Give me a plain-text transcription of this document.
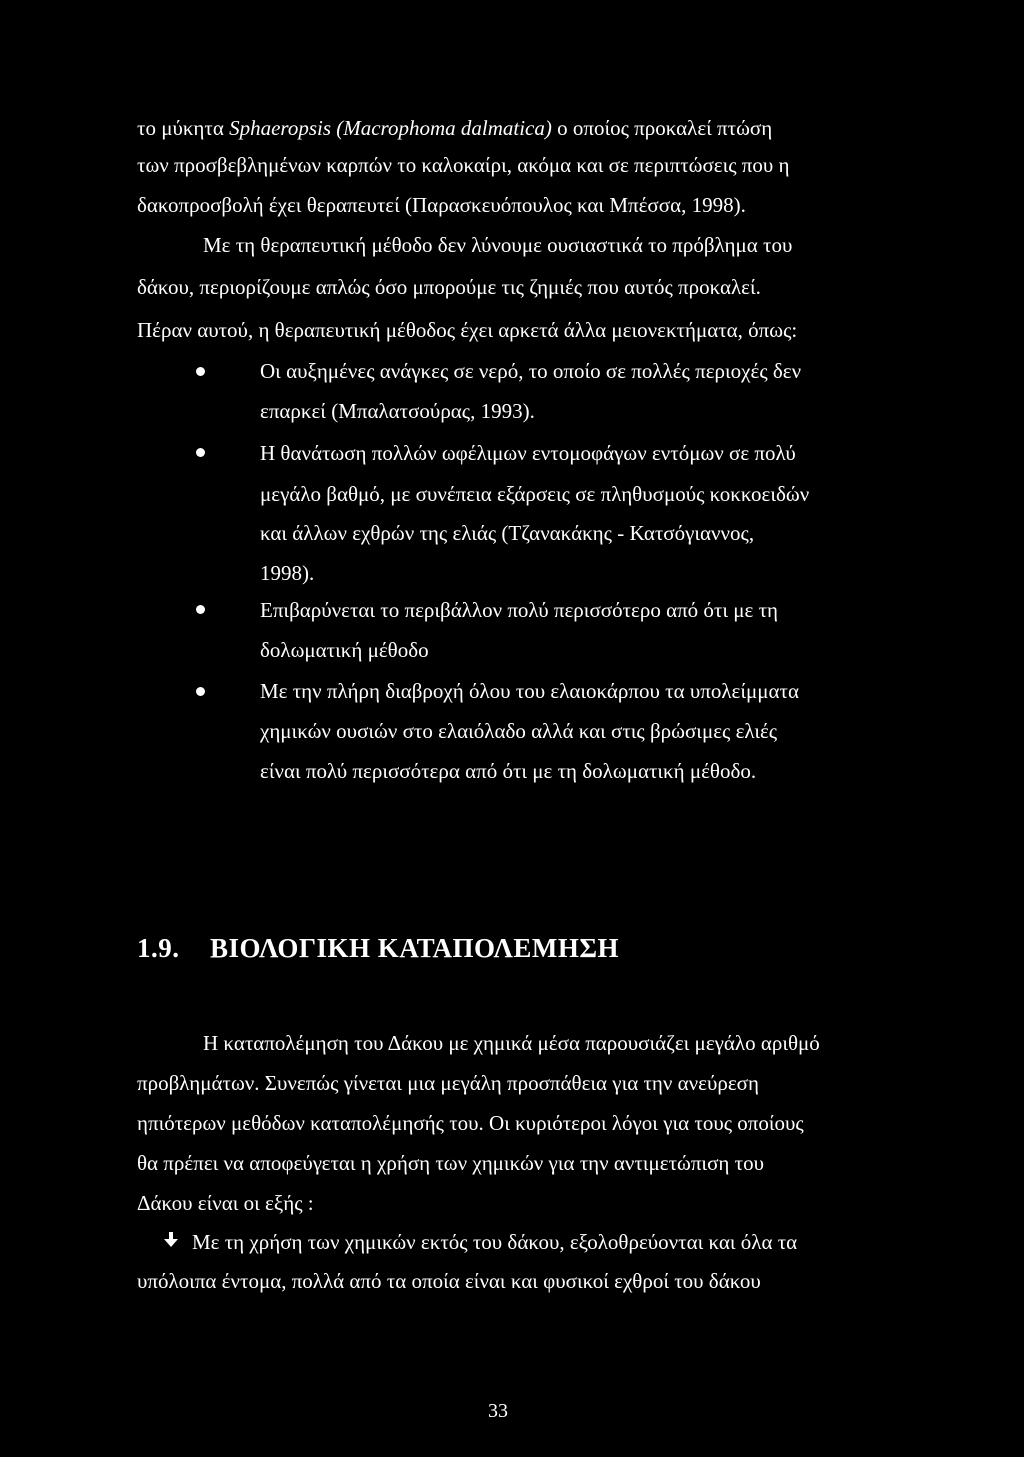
το μύκητα Sphaeropsis (Macrophoma dalmatica) ο οποίος προκαλεί πτώση
των προσβεβλημένων καρπών το καλοκαίρι, ακόμα και σε περιπτώσεις που η
δακοπροσβολή έχει θεραπευτεί (Παρασκευόπουλος και Μπέσσα, 1998).
Με τη θεραπευτική μέθοδο δεν λύνουμε ουσιαστικά το πρόβλημα του
δάκου, περιορίζουμε απλώς όσο μπορούμε τις ζημιές που αυτός προκαλεί.
Πέραν αυτού, η θεραπευτική μέθοδος έχει αρκετά άλλα μειονεκτήματα, όπως:
Οι αυξημένες ανάγκες σε νερό, το οποίο σε πολλές περιοχές δεν
επαρκεί (Μπαλατσούρας, 1993).
Η θανάτωση πολλών ωφέλιμων εντομοφάγων εντόμων σε πολύ
μεγάλο βαθμό, με συνέπεια εξάρσεις σε πληθυσμούς κοκκοειδών
και άλλων εχθρών της ελιάς (Τζανακάκης - Κατσόγιαννος,
1998).
Επιβαρύνεται το περιβάλλον πολύ περισσότερο από ότι με τη
δολωματική μέθοδο
Με την πλήρη διαβροχή όλου του ελαιοκάρπου τα υπολείμματα
χημικών ουσιών στο ελαιόλαδο αλλά και στις βρώσιμες ελιές
είναι πολύ περισσότερα από ότι με τη δολωματική μέθοδο.
1.9. ΒΙΟΛΟΓΙΚΗ ΚΑΤΑΠΟΛΕΜΗΣΗ
Η καταπολέμηση του Δάκου με χημικά μέσα παρουσιάζει μεγάλο αριθμό
προβλημάτων. Συνεπώς γίνεται μια μεγάλη προσπάθεια για την ανεύρεση
ηπιότερων μεθόδων καταπολέμησής του. Οι κυριότεροι λόγοι για τους οποίους
θα πρέπει να αποφεύγεται η χρήση των χημικών για την αντιμετώπιση του
Δάκου είναι οι εξής :
Με τη χρήση των χημικών εκτός του δάκου, εξολοθρεύονται και όλα τα
υπόλοιπα έντομα, πολλά από τα οποία είναι και φυσικοί εχθροί του δάκου
33
